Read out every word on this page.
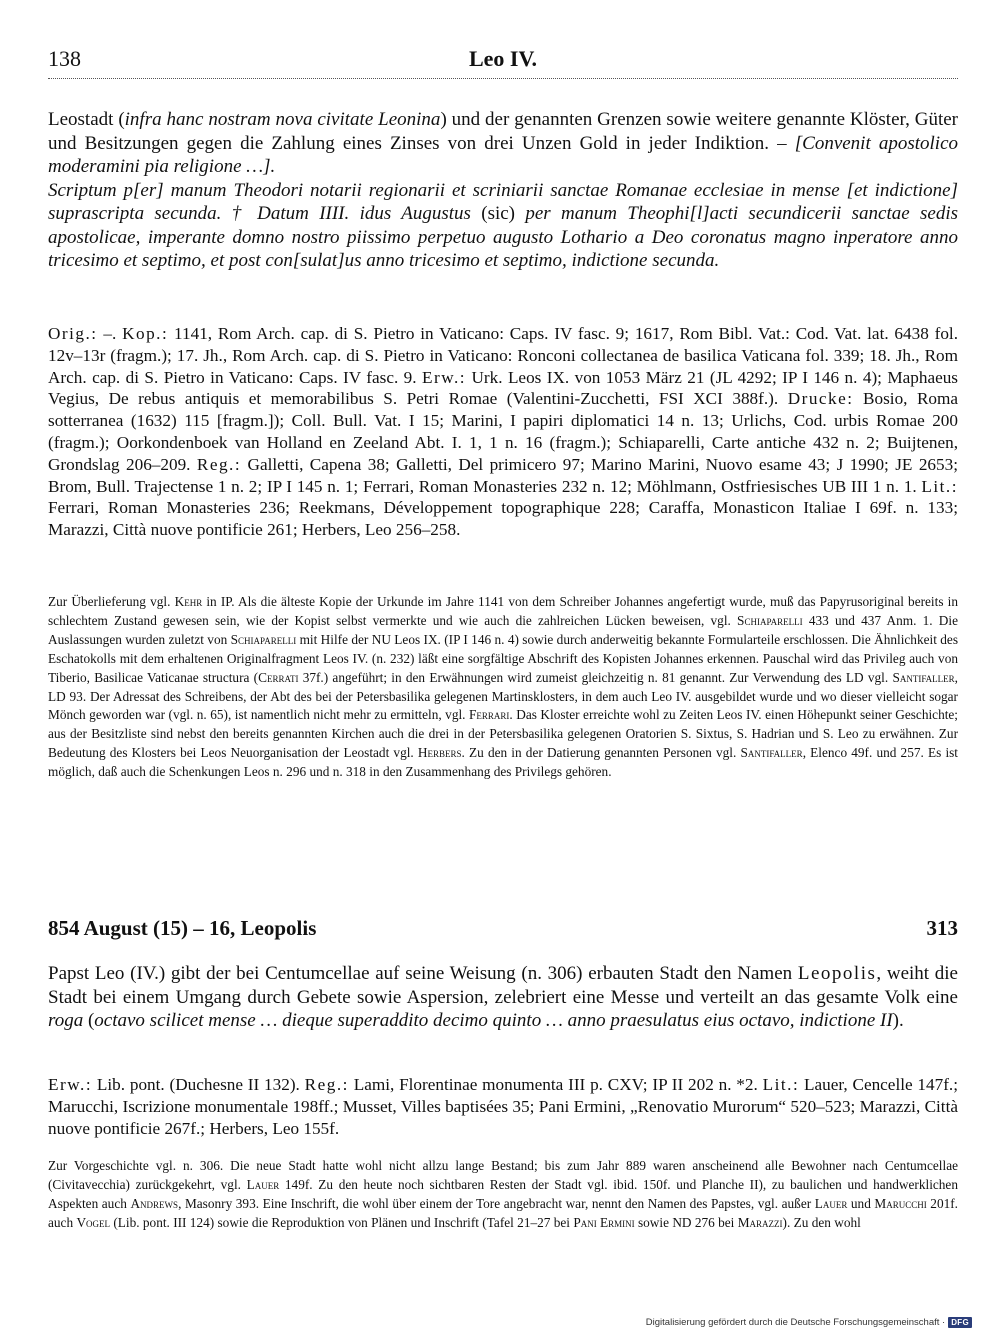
138	Leo IV.

Leostadt (infra hanc nostram nova civitate Leonina) und der genannten Grenzen sowie weitere genannte Klöster, Güter und Besitzungen gegen die Zahlung eines Zinses von drei Unzen Gold in jeder Indiktion. – [Convenit apostolico moderamini pia religione …].

Scriptum p[er] manum Theodori notarii regionarii et scriniarii sanctae Romanae ecclesiae in mense [et indictione] suprascripta secunda. † Datum IIII. idus Augustus (sic) per manum Theophi[l]acti secundicerii sanctae sedis apostolicae, imperante domno nostro piissimo perpetuo augusto Lothario a Deo coronatus magno inperatore anno tricesimo et septimo, et post con[sulat]us anno tricesimo et septimo, indictione secunda.

Orig.: –. Kop.: 1141, Rom Arch. cap. di S. Pietro in Vaticano: Caps. IV fasc. 9; 1617, Rom Bibl. Vat.: Cod. Vat. lat. 6438 fol. 12v–13r (fragm.); 17. Jh., Rom Arch. cap. di S. Pietro in Vaticano: Ronconi collectanea de basilica Vaticana fol. 339; 18. Jh., Rom Arch. cap. di S. Pietro in Vaticano: Caps. IV fasc. 9. Erw.: Urk. Leos IX. von 1053 März 21 (JL 4292; IP I 146 n. 4); Maphaeus Vegius, De rebus antiquis et memorabilibus S. Petri Romae (Valentini-Zucchetti, FSI XCI 388f.). Drucke: Bosio, Roma sotterranea (1632) 115 [fragm.]); Coll. Bull. Vat. I 15; Marini, I papiri diplomatici 14 n. 13; Urlichs, Cod. urbis Romae 200 (fragm.); Oorkondenboek van Holland en Zeeland Abt. I. 1, 1 n. 16 (fragm.); Schiaparelli, Carte antiche 432 n. 2; Buijtenen, Grondslag 206–209. Reg.: Galletti, Capena 38; Galletti, Del primicero 97; Marino Marini, Nuovo esame 43; J 1990; JE 2653; Brom, Bull. Trajectense 1 n. 2; IP I 145 n. 1; Ferrari, Roman Monasteries 232 n. 12; Möhlmann, Ostfriesisches UB III 1 n. 1. Lit.: Ferrari, Roman Monasteries 236; Reekmans, Développement topographique 228; Caraffa, Monasticon Italiae I 69f. n. 133; Marazzi, Città nuove pontificie 261; Herbers, Leo 256–258.

Zur Überlieferung vgl. Kehr in IP. Als die älteste Kopie der Urkunde im Jahre 1141 von dem Schreiber Johannes angefertigt wurde, muß das Papyrusoriginal bereits in schlechtem Zustand gewesen sein, wie der Kopist selbst vermerkte und wie auch die zahlreichen Lücken beweisen, vgl. Schiaparelli 433 und 437 Anm. 1. Die Auslassungen wurden zuletzt von Schiaparelli mit Hilfe der NU Leos IX. (IP I 146 n. 4) sowie durch anderweitig bekannte Formularteile erschlossen. Die Ähnlichkeit des Eschatokolls mit dem erhaltenen Originalfragment Leos IV. (n. 232) läßt eine sorgfältige Abschrift des Kopisten Johannes erkennen. Pauschal wird das Privileg auch von Tiberio, Basilicae Vaticanae structura (Cerrati 37f.) angeführt; in den Erwähnungen wird zumeist gleichzeitig n. 81 genannt. Zur Verwendung des LD vgl. Santifaller, LD 93. Der Adressat des Schreibens, der Abt des bei der Petersbasilika gelegenen Martinsklosters, in dem auch Leo IV. ausgebildet wurde und wo dieser vielleicht sogar Mönch geworden war (vgl. n. 65), ist namentlich nicht mehr zu ermitteln, vgl. Ferrari. Das Kloster erreichte wohl zu Zeiten Leos IV. einen Höhepunkt seiner Geschichte; aus der Besitzliste sind nebst den bereits genannten Kirchen auch die drei in der Petersbasilika gelegenen Oratorien S. Sixtus, S. Hadrian und S. Leo zu erwähnen. Zur Bedeutung des Klosters bei Leos Neuorganisation der Leostadt vgl. Herbers. Zu den in der Datierung genannten Personen vgl. Santifaller, Elenco 49f. und 257. Es ist möglich, daß auch die Schenkungen Leos n. 296 und n. 318 in den Zusammenhang des Privilegs gehören.

854 August (15) – 16, Leopolis	313

Papst Leo (IV.) gibt der bei Centumcellae auf seine Weisung (n. 306) erbauten Stadt den Namen Leopolis, weiht die Stadt bei einem Umgang durch Gebete sowie Aspersion, zelebriert eine Messe und verteilt an das gesamte Volk eine roga (octavo scilicet mense … dieque superaddito decimo quinto … anno praesulatus eius octavo, indictione II).

Erw.: Lib. pont. (Duchesne II 132). Reg.: Lami, Florentinae monumenta III p. CXV; IP II 202 n. *2. Lit.: Lauer, Cencelle 147f.; Marucchi, Iscrizione monumentale 198ff.; Musset, Villes baptisées 35; Pani Ermini, „Renovatio Murorum“ 520–523; Marazzi, Città nuove pontificie 267f.; Herbers, Leo 155f.

Zur Vorgeschichte vgl. n. 306. Die neue Stadt hatte wohl nicht allzu lange Bestand; bis zum Jahr 889 waren anscheinend alle Bewohner nach Centumcellae (Civitavecchia) zurückgekehrt, vgl. Lauer 149f. Zu den heute noch sichtbaren Resten der Stadt vgl. ibid. 150f. und Planche II), zu baulichen und handwerklichen Aspekten auch Andrews, Masonry 393. Eine Inschrift, die wohl über einem der Tore angebracht war, nennt den Namen des Papstes, vgl. außer Lauer und Marucchi 201f. auch Vogel (Lib. pont. III 124) sowie die Reproduktion von Plänen und Inschrift (Tafel 21–27 bei Pani Ermini sowie ND 276 bei Marazzi). Zu den wohl

Digitalisierung gefördert durch die Deutsche Forschungsgemeinschaft · DFG
